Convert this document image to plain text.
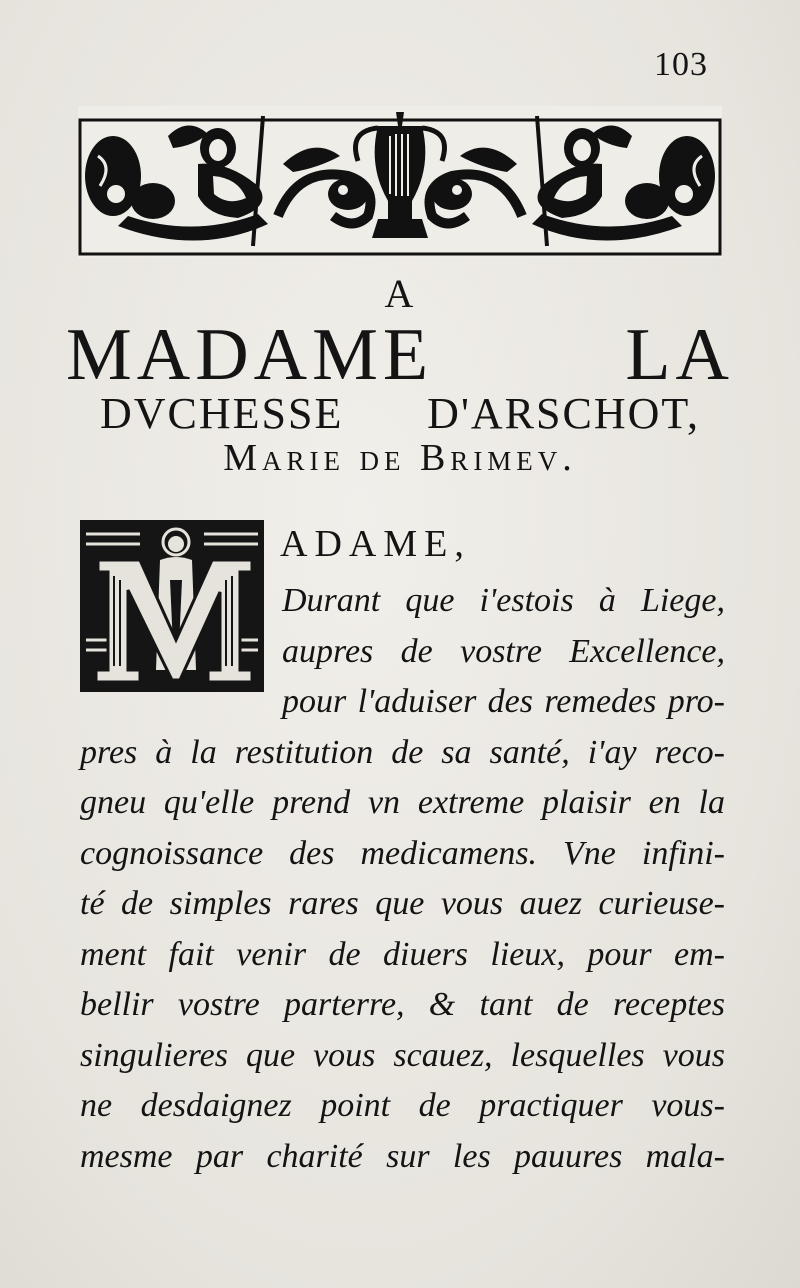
103
A
MADAME LA
DVCHESSE D'ARSCHOT,
Marie de Brimev.
ADAME,
Durant que i'estois à Liege,
aupres de vostre Excellence,
pour l'aduiser des remedes pro-
pres à la restitution de sa santé, i'ay reco-
gneu qu'elle prend vn extreme plaisir en la
cognoissance des medicamens. Vne infini-
té de simples rares que vous auez curieuse-
ment fait venir de diuers lieux, pour em-
bellir vostre parterre, & tant de receptes
singulieres que vous scauez, lesquelles vous
ne desdaignez point de practiquer vous-
mesme par charité sur les pauures mala-
